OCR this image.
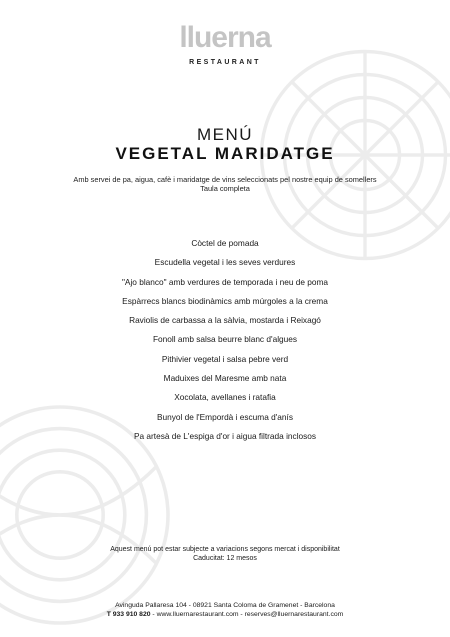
lluerna
RESTAURANT
MENÚ
VEGETAL MARIDATGE
Amb servei de pa, aigua, cafè i maridatge de vins seleccionats pel nostre equip de somellers
Taula completa
Còctel de pomada
Escudella vegetal i les seves verdures
"Ajo blanco" amb verdures de temporada i neu de poma
Espàrrecs blancs biodinàmics amb múrgoles a la crema
Raviolis de carbassa a la sàlvia, mostarda i Reixagó
Fonoll amb salsa beurre blanc d'algues
Pithivier vegetal i salsa pebre verd
Maduixes del Maresme amb nata
Xocolata, avellanes i ratafia
Bunyol de l'Empordà i escuma d'anís
Pa artesà de L'espiga d'or i aigua filtrada inclosos
Aquest menú pot estar subjecte a variacions segons mercat i disponibilitat
Caducitat: 12 mesos
Avinguda Pallaresa 104 - 08921 Santa Coloma de Gramenet - Barcelona
T 933 910 820 - www.lluernarestaurant.com - reserves@lluernarestaurant.com
